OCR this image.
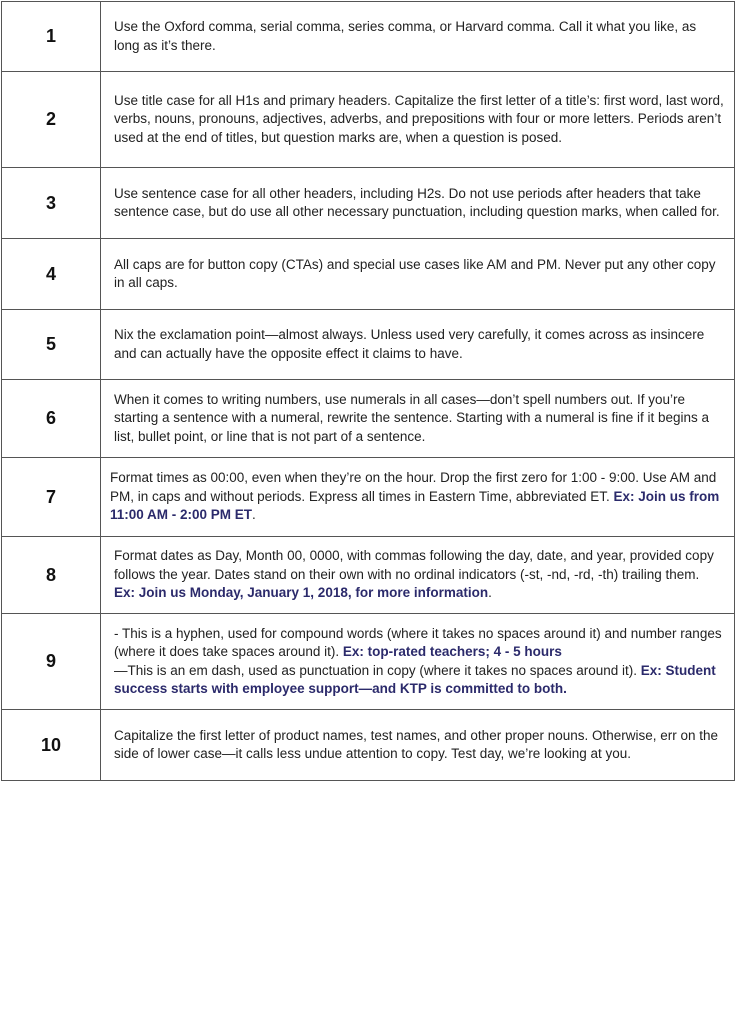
1	Use the Oxford comma, serial comma, series comma, or Harvard comma. Call it what you like, as long as it’s there.
2	Use title case for all H1s and primary headers. Capitalize the first letter of a title’s: first word, last word, verbs, nouns, pronouns, adjectives, adverbs, and prepositions with four or more letters. Periods aren’t used at the end of titles, but question marks are, when a question is posed.
3	Use sentence case for all other headers, including H2s. Do not use periods after headers that take sentence case, but do use all other necessary punctuation, including question marks, when called for.
4	All caps are for button copy (CTAs) and special use cases like AM and PM. Never put any other copy in all caps.
5	Nix the exclamation point—almost always. Unless used very carefully, it comes across as insincere and can actually have the opposite effect it claims to have.
6	When it comes to writing numbers, use numerals in all cases—don’t spell numbers out. If you’re starting a sentence with a numeral, rewrite the sentence. Starting with a numeral is fine if it begins a list, bullet point, or line that is not part of a sentence.
7	Format times as 00:00, even when they’re on the hour. Drop the first zero for 1:00 - 9:00. Use AM and PM, in caps and without periods. Express all times in Eastern Time, abbreviated ET. Ex: Join us from 11:00 AM - 2:00 PM ET.
8	Format dates as Day, Month 00, 0000, with commas following the day, date, and year, provided copy follows the year. Dates stand on their own with no ordinal indicators (-st, -nd, -rd, -th) trailing them. Ex: Join us Monday, January 1, 2018, for more information.
9	- This is a hyphen, used for compound words (where it takes no spaces around it) and number ranges (where it does take spaces around it). Ex: top-rated teachers; 4 - 5 hours
—This is an em dash, used as punctuation in copy (where it takes no spaces around it). Ex: Student success starts with employee support—and KTP is committed to both.

10	Capitalize the first letter of product names, test names, and other proper nouns. Otherwise, err on the side of lower case—it calls less undue attention to copy. Test day, we’re looking at you.
